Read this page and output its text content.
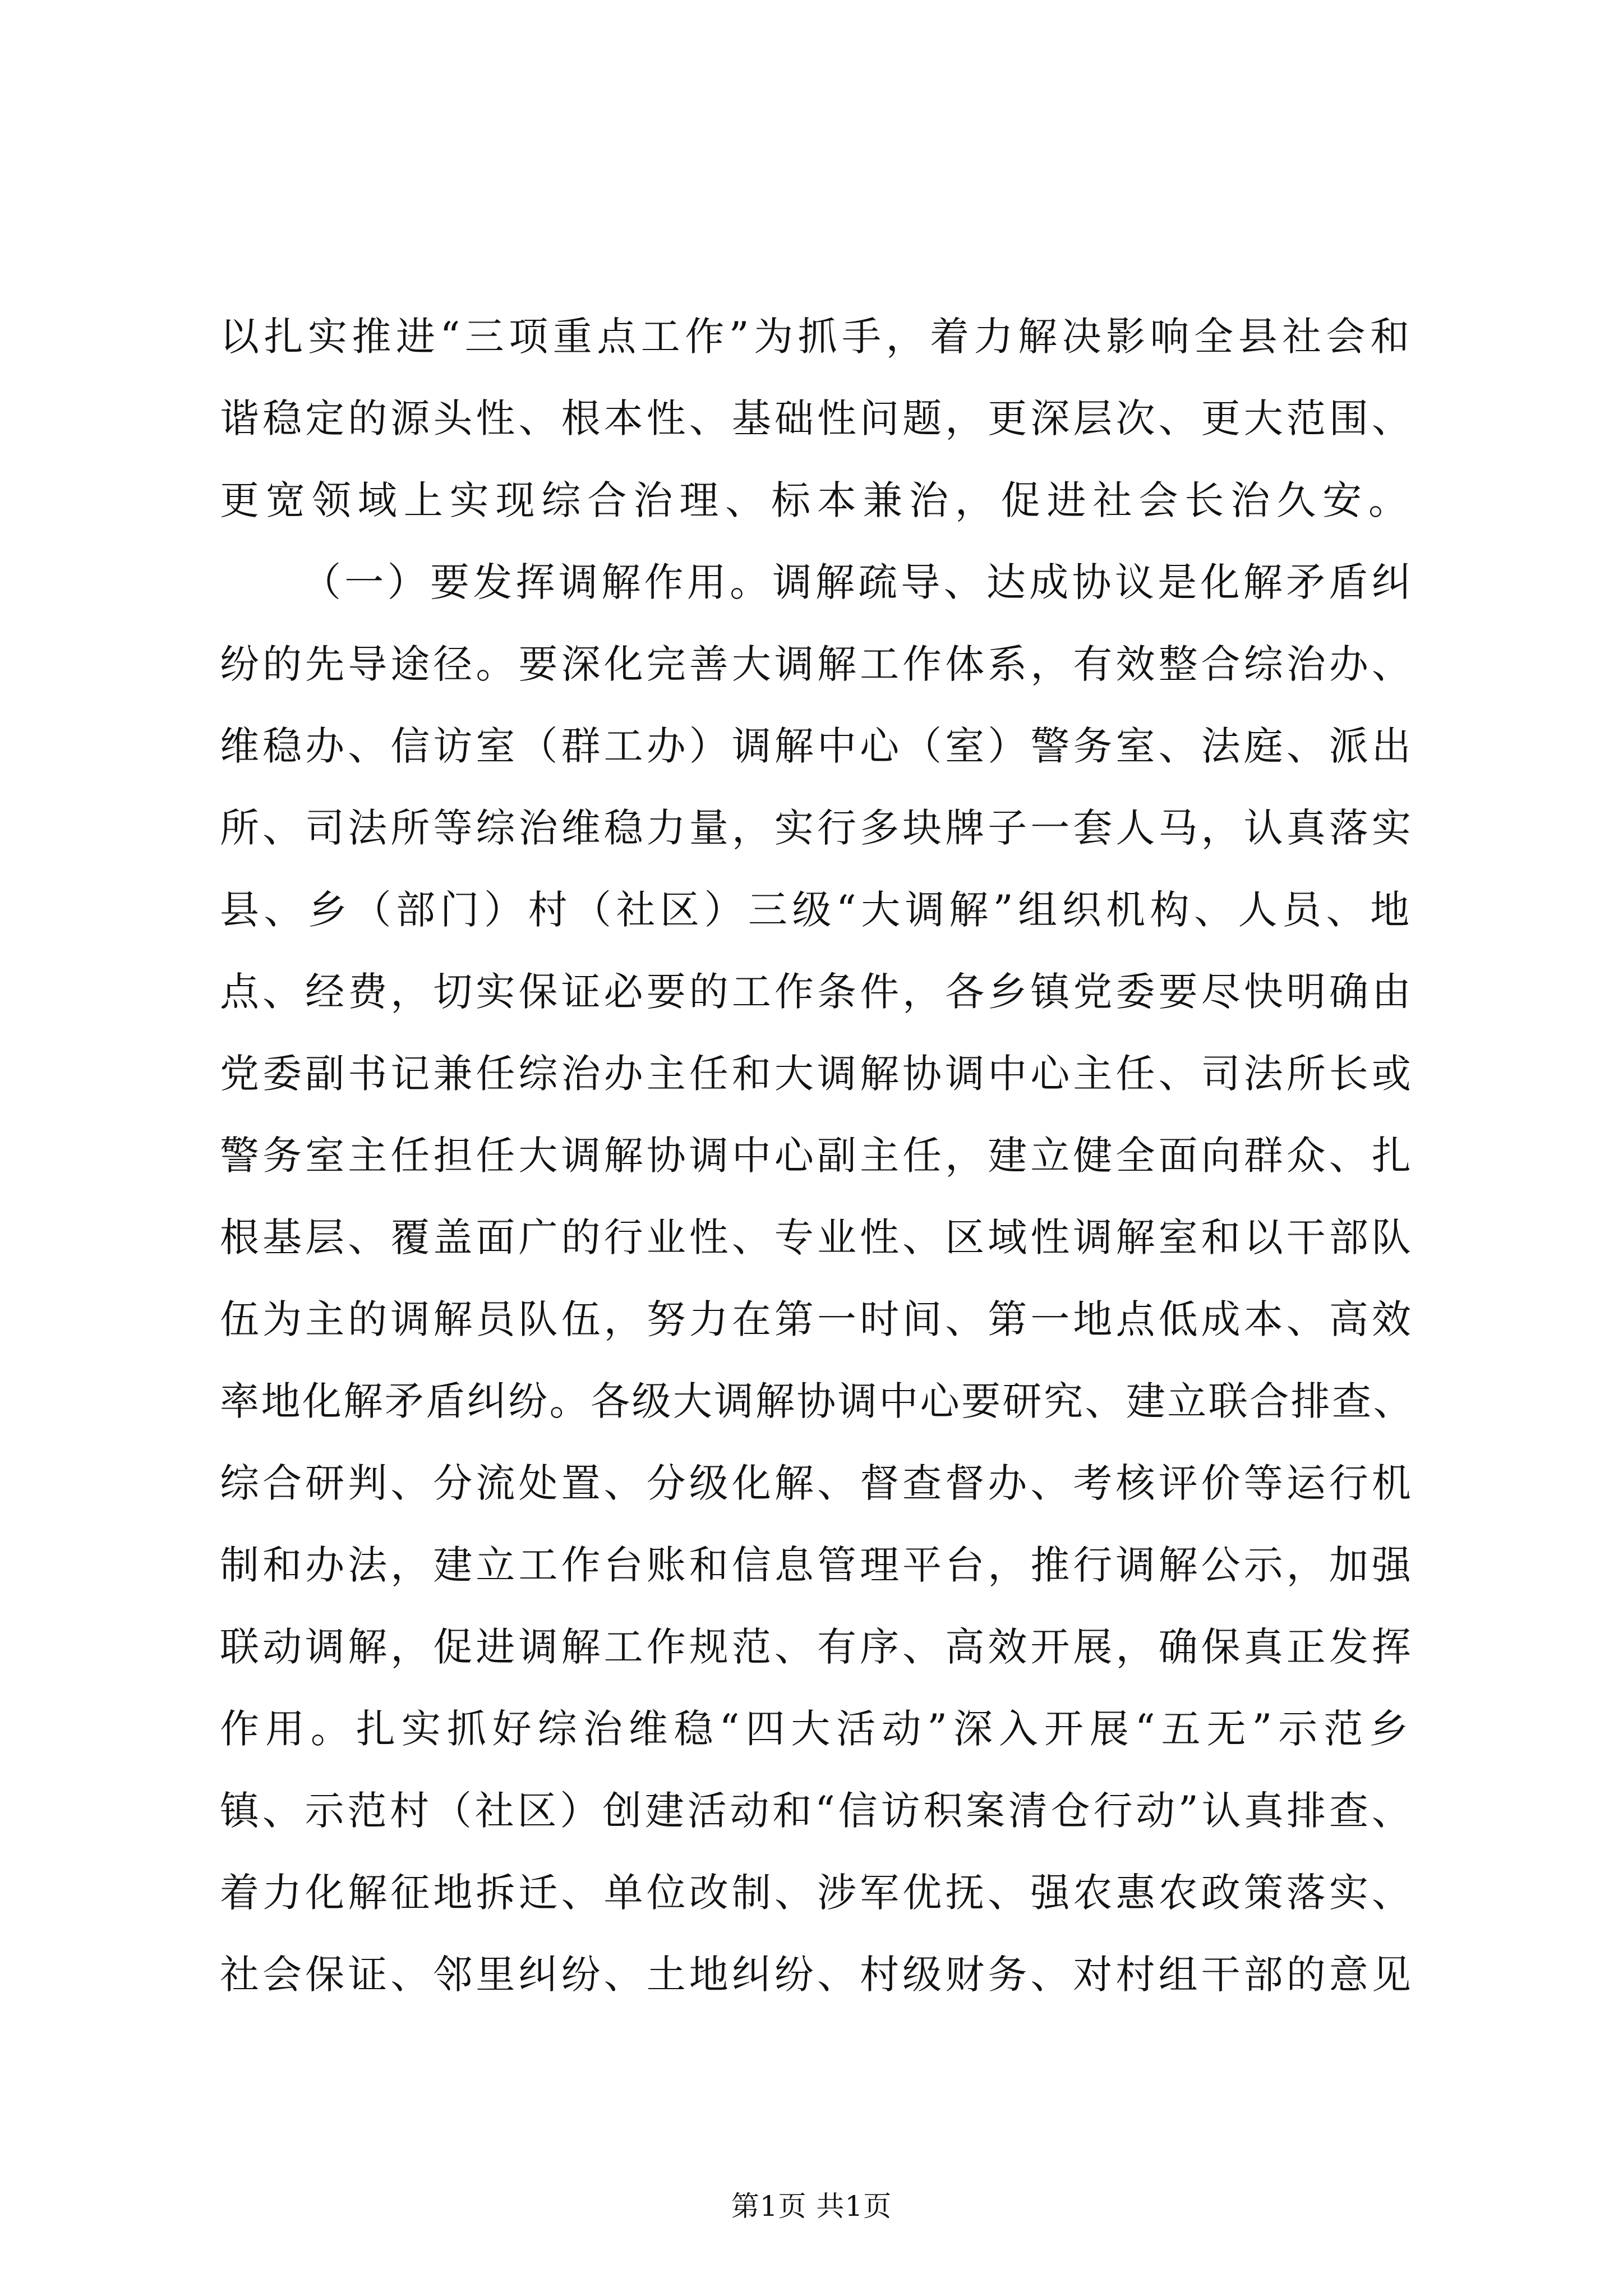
以扎实推进“三项重点工作”为抓手，着力解决影响全县社会和
谐稳定的源头性、根本性、基础性问题，更深层次、更大范围、
更宽领域上实现综合治理、标本兼治，促进社会长治久安。
（一）要发挥调解作用。调解疏导、达成协议是化解矛盾纠
纷的先导途径。要深化完善大调解工作体系，有效整合综治办、
维稳办、信访室（群工办）调解中心（室）警务室、法庭、派出
所、司法所等综治维稳力量，实行多块牌子一套人马，认真落实
县、乡（部门）村（社区）三级“大调解”组织机构、人员、地
点、经费，切实保证必要的工作条件，各乡镇党委要尽快明确由
党委副书记兼任综治办主任和大调解协调中心主任、司法所长或
警务室主任担任大调解协调中心副主任，建立健全面向群众、扎
根基层、覆盖面广的行业性、专业性、区域性调解室和以干部队
伍为主的调解员队伍，努力在第一时间、第一地点低成本、高效
率地化解矛盾纠纷。各级大调解协调中心要研究、建立联合排查、
综合研判、分流处置、分级化解、督查督办、考核评价等运行机
制和办法，建立工作台账和信息管理平台，推行调解公示，加强
联动调解，促进调解工作规范、有序、高效开展，确保真正发挥
作用。扎实抓好综治维稳“四大活动”深入开展“五无”示范乡
镇、示范村（社区）创建活动和“信访积案清仓行动”认真排查、
着力化解征地拆迁、单位改制、涉军优抚、强农惠农政策落实、
社会保证、邻里纠纷、土地纠纷、村级财务、对村组干部的意见
第1页 共1页
